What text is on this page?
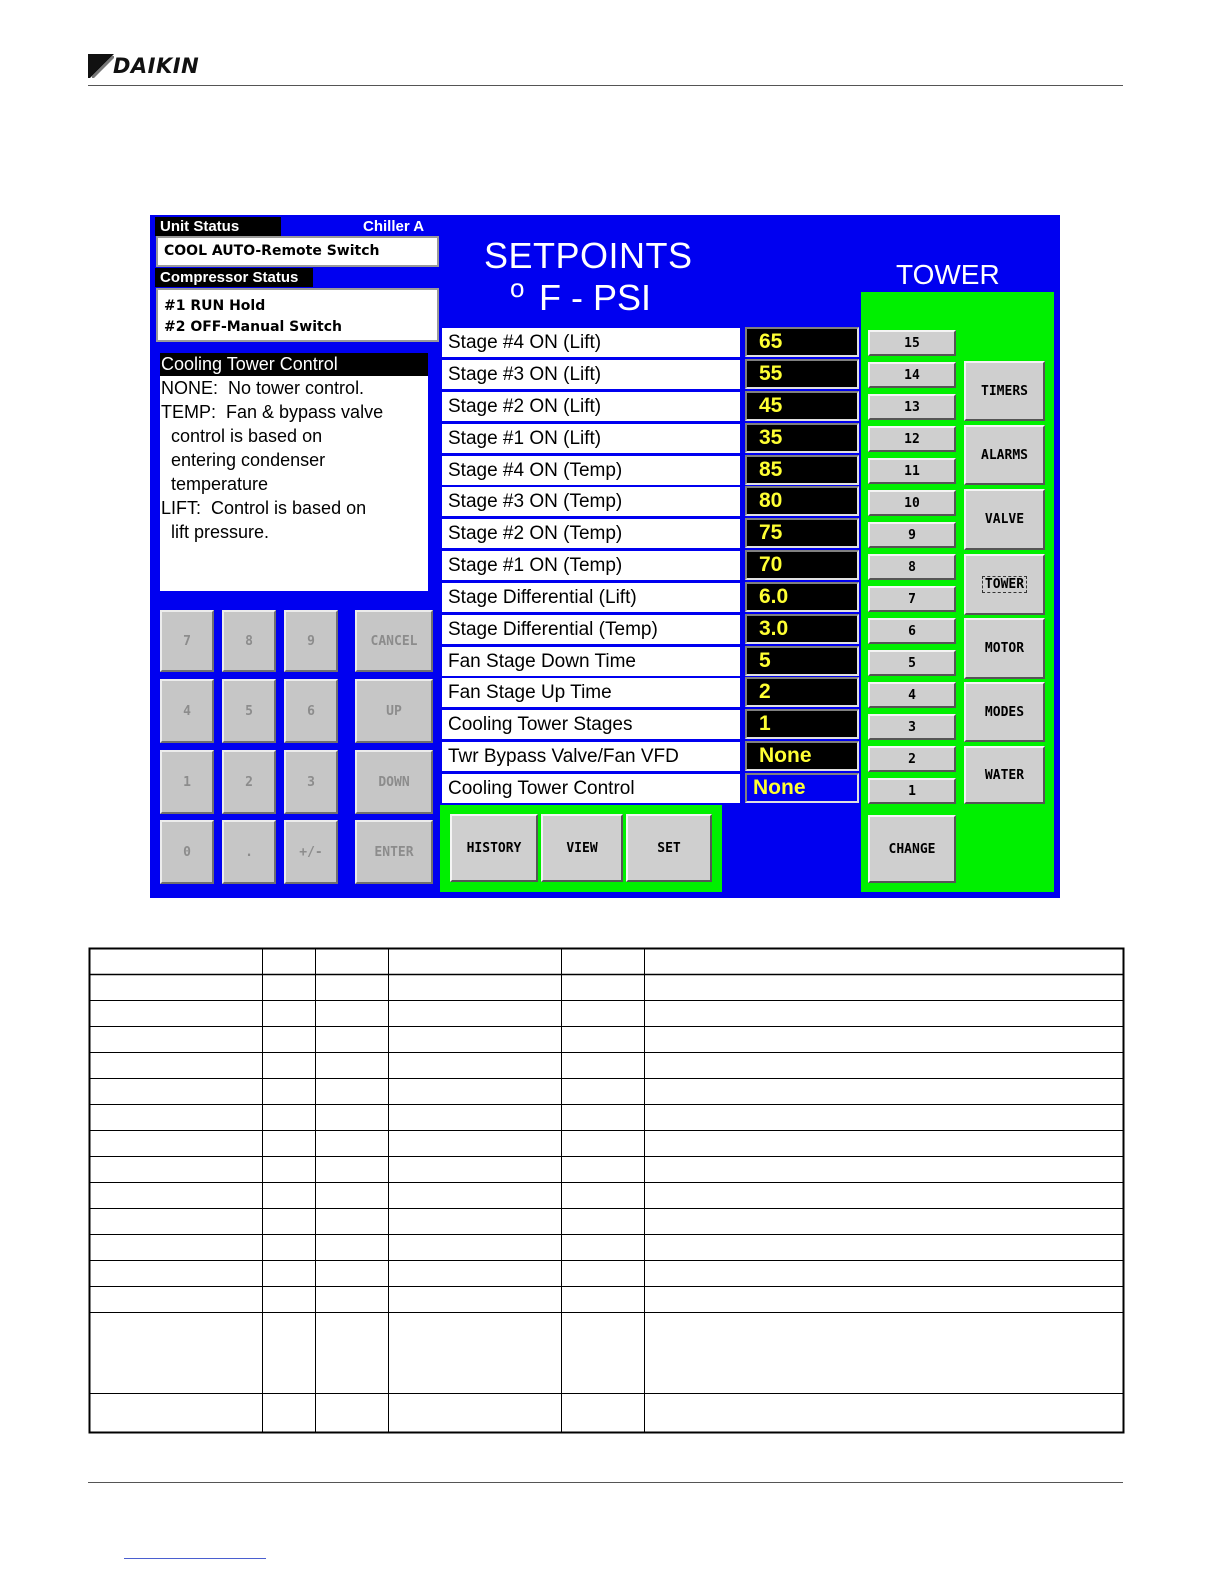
DAIKIN
Unit Status	Chiller A
COOL AUTO-Remote Switch
Compressor Status
#1 RUN Hold
#2 OFF-Manual Switch
Cooling Tower Control
NONE:  No tower control.
TEMP:  Fan & bypass valve
control is based on
entering condenser
temperature
LIFT:  Control is based on
lift pressure.
7	8	9	CANCEL
4	5	6	UP
1	2	3	DOWN
0	.	+/-	ENTER
SETPOINTS
o F - PSI
TOWER
Stage #4 ON (Lift)	65
Stage #3 ON (Lift)	55
Stage #2 ON (Lift)	45
Stage #1 ON (Lift)	35
Stage #4 ON (Temp)	85
Stage #3 ON (Temp)	80
Stage #2 ON (Temp)	75
Stage #1 ON (Temp)	70
Stage Differential (Lift)	6.0
Stage Differential (Temp)	3.0
Fan Stage Down Time	5
Fan Stage Up Time	2
Cooling Tower Stages	1
Twr Bypass Valve/Fan VFD	None
Cooling Tower Control	None
HISTORY	VIEW	SET
15
14
13
12
11
10
9
8
7
6
5
4
3
2
1
CHANGE
TIMERS
ALARMS
VALVE
TOWER
MOTOR
MODES
WATER
